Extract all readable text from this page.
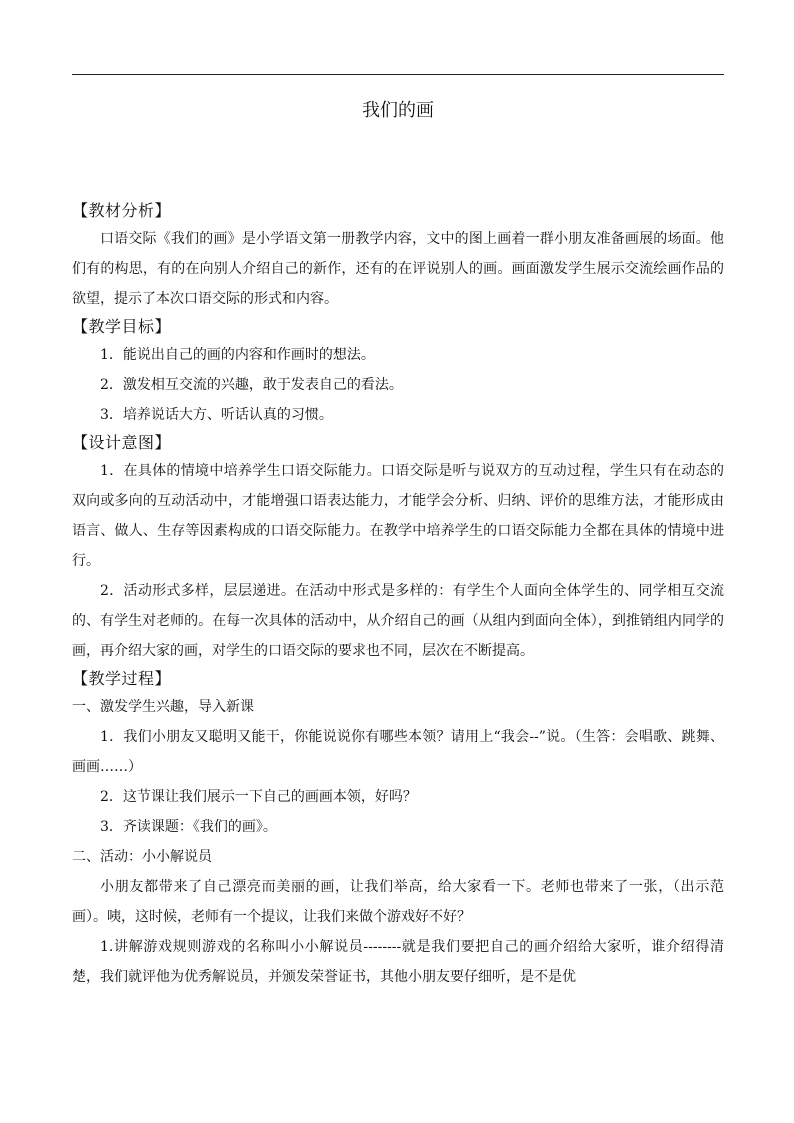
我们的画
【教材分析】

口语交际《我们的画》是小学语文第一册教学内容，文中的图上画着一群小朋友准备画展的场面。他们有的构思，有的在向别人介绍自己的新作，还有的在评说别人的画。画面激发学生展示交流绘画作品的欲望，提示了本次口语交际的形式和内容。

【教学目标】

1．能说出自己的画的内容和作画时的想法。

2．激发相互交流的兴趣，敢于发表自己的看法。

3．培养说话大方、听话认真的习惯。

【设计意图】

1．在具体的情境中培养学生口语交际能力。口语交际是听与说双方的互动过程，学生只有在动态的双向或多向的互动活动中，才能增强口语表达能力，才能学会分析、归纳、评价的思维方法，才能形成由语言、做人、生存等因素构成的口语交际能力。在教学中培养学生的口语交际能力全都在具体的情境中进行。

2．活动形式多样，层层递进。在活动中形式是多样的：有学生个人面向全体学生的、同学相互交流的、有学生对老师的。在每一次具体的活动中，从介绍自己的画（从组内到面向全体），到推销组内同学的画，再介绍大家的画，对学生的口语交际的要求也不同，层次在不断提高。

【教学过程】

一、激发学生兴趣，导入新课

1．我们小朋友又聪明又能干，你能说说你有哪些本领？请用上“我会--”说。（生答：会唱歌、跳舞、画画……）

2．这节课让我们展示一下自己的画画本领，好吗？

3．齐读课题：《我们的画》。

二、活动：小小解说员

小朋友都带来了自己漂亮而美丽的画，让我们举高，给大家看一下。老师也带来了一张，（出示范画）。咦，这时候，老师有一个提议，让我们来做个游戏好不好？

1.讲解游戏规则游戏的名称叫小小解说员--------就是我们要把自己的画介绍给大家听，谁介绍得清楚，我们就评他为优秀解说员，并颁发荣誉证书，其他小朋友要仔细听，是不是优
